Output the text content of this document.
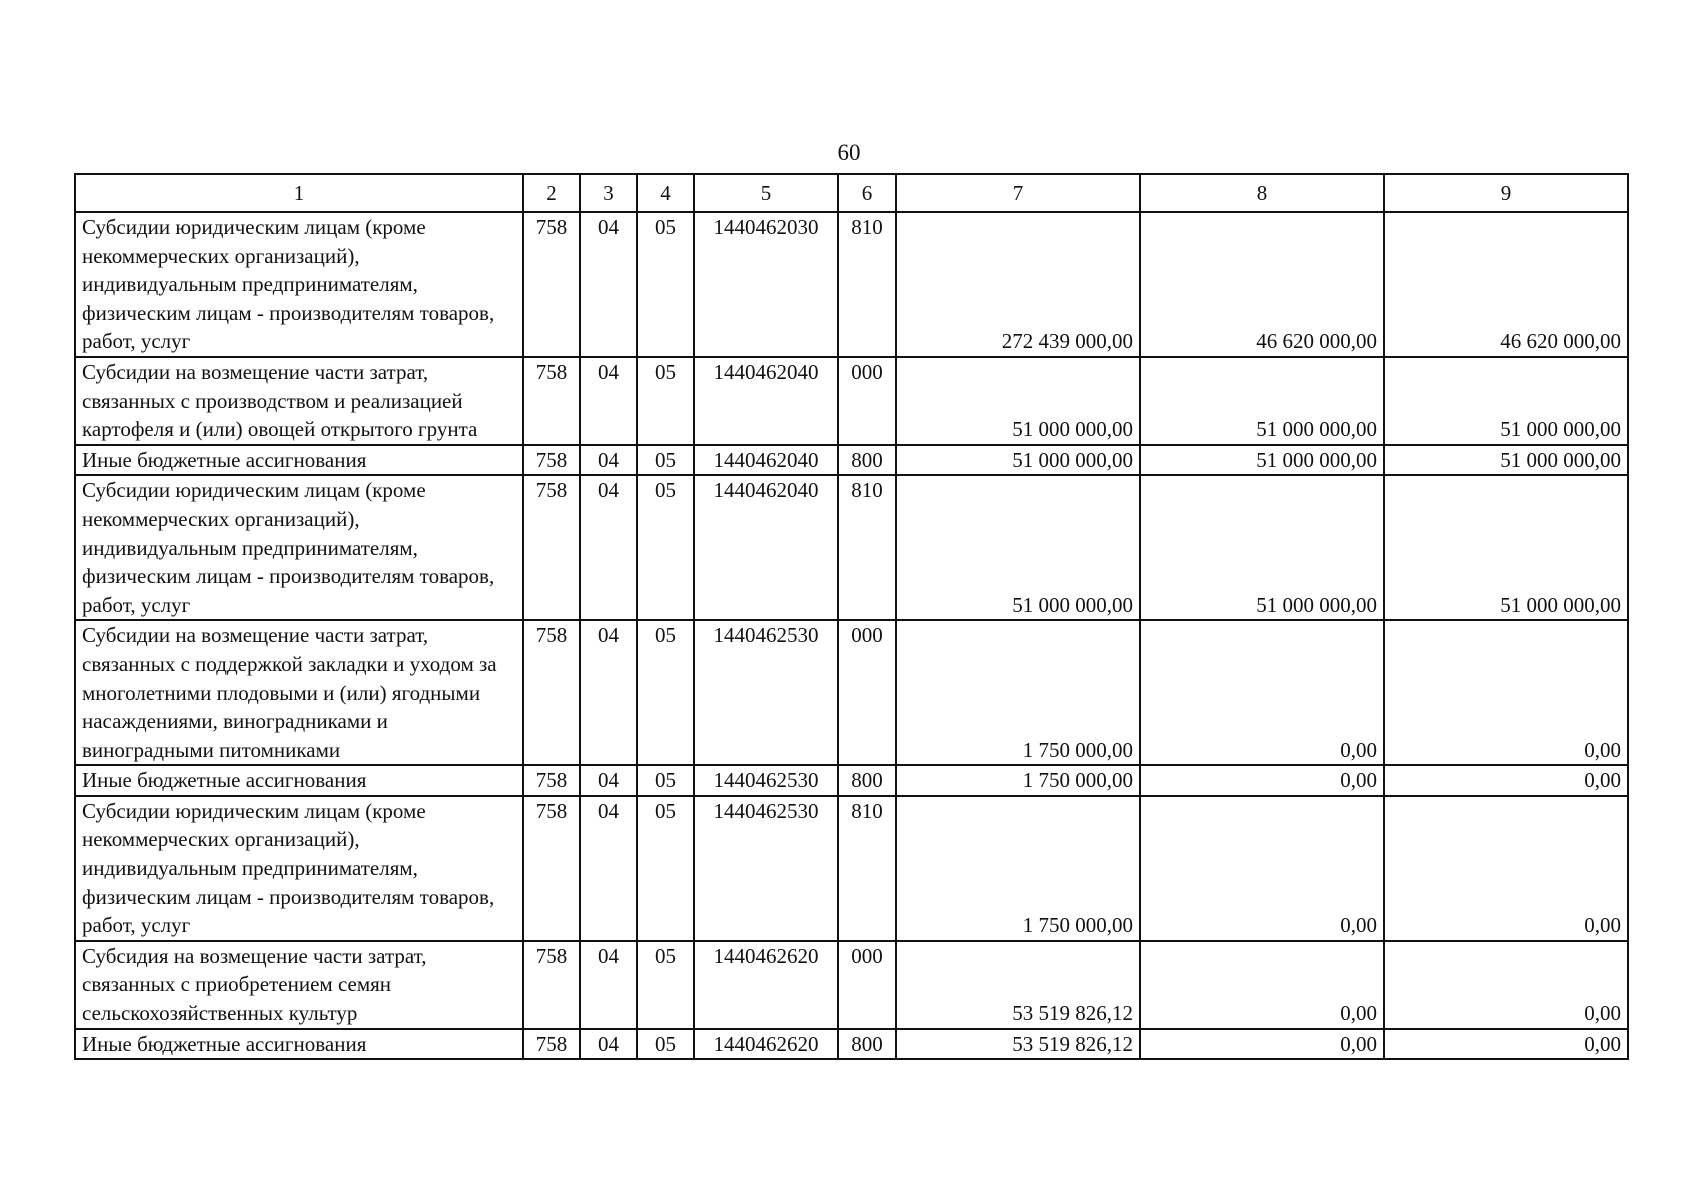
60
1	2	3	4	5	6	7	8	9
Субсидии юридическим лицам (кроме некоммерческих организаций), индивидуальным предпринимателям, физическим лицам - производителям товаров, работ, услуг	758	04	05	1440462030	810	272 439 000,00	46 620 000,00	46 620 000,00
Субсидии на возмещение части затрат, связанных с производством и реализацией картофеля и (или) овощей открытого грунта	758	04	05	1440462040	000	51 000 000,00	51 000 000,00	51 000 000,00
Иные бюджетные ассигнования	758	04	05	1440462040	800	51 000 000,00	51 000 000,00	51 000 000,00
Субсидии юридическим лицам (кроме некоммерческих организаций), индивидуальным предпринимателям, физическим лицам - производителям товаров, работ, услуг	758	04	05	1440462040	810	51 000 000,00	51 000 000,00	51 000 000,00
Субсидии на возмещение части затрат, связанных с поддержкой закладки и уходом за многолетними плодовыми и (или) ягодными насаждениями, виноградниками и виноградными питомниками	758	04	05	1440462530	000	1 750 000,00	0,00	0,00
Иные бюджетные ассигнования	758	04	05	1440462530	800	1 750 000,00	0,00	0,00
Субсидии юридическим лицам (кроме некоммерческих организаций), индивидуальным предпринимателям, физическим лицам - производителям товаров, работ, услуг	758	04	05	1440462530	810	1 750 000,00	0,00	0,00
Субсидия на возмещение части затрат, связанных с приобретением семян сельскохозяйственных культур	758	04	05	1440462620	000	53 519 826,12	0,00	0,00
Иные бюджетные ассигнования	758	04	05	1440462620	800	53 519 826,12	0,00	0,00
